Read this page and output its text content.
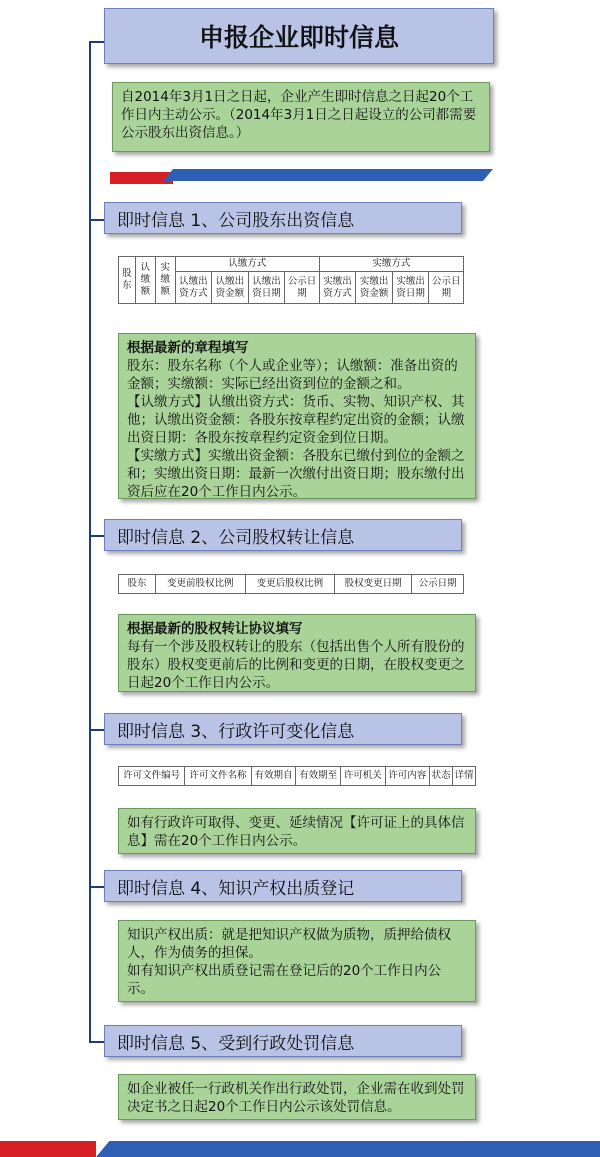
申报企业即时信息
自2014年3月1日之日起，企业产生即时信息之日起20个工作日内主动公示。（2014年3月1日之日起设立的公司都需要公示股东出资信息。）
即时信息 1、公司股东出资信息
股东	认缴额	实缴额	认缴方式				实缴方式			
			认缴出资方式	认缴出资金额	认缴出资日期	公示日期	实缴出资方式	实缴出资金额	实缴出资日期	公示日期
根据最新的章程填写
股东：股东名称（个人或企业等）；认缴额：准备出资的金额；实缴额：实际已经出资到位的金额之和。
【认缴方式】认缴出资方式：货币、实物、知识产权、其他；认缴出资金额：各股东按章程约定出资的金额；认缴出资日期：各股东按章程约定资金到位日期。
【实缴方式】实缴出资金额：各股东已缴付到位的金额之和；实缴出资日期：最新一次缴付出资日期；股东缴付出资后应在20个工作日内公示。
即时信息 2、公司股权转让信息
股东	变更前股权比例	变更后股权比例	股权变更日期	公示日期
根据最新的股权转让协议填写
每有一个涉及股权转让的股东（包括出售个人所有股份的股东）股权变更前后的比例和变更的日期，在股权变更之日起20个工作日内公示。
即时信息 3、行政许可变化信息
许可文件编号	许可文件名称	有效期自	有效期至	许可机关	许可内容	状态	详情
如有行政许可取得、变更、延续情况【许可证上的具体信息】需在20个工作日内公示。
即时信息 4、知识产权出质登记
知识产权出质：就是把知识产权做为质物，质押给债权人，作为债务的担保。
如有知识产权出质登记需在登记后的20个工作日内公示。
即时信息 5、受到行政处罚信息
如企业被任一行政机关作出行政处罚，企业需在收到处罚决定书之日起20个工作日内公示该处罚信息。
